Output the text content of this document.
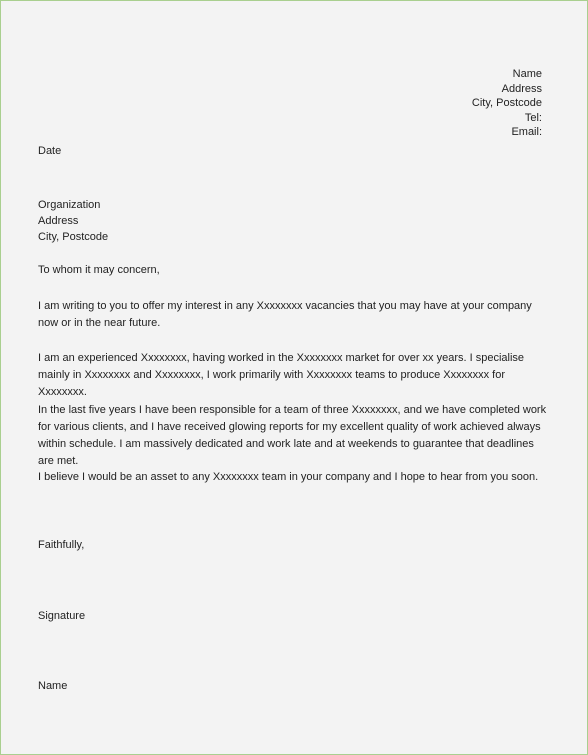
Name
Address
City, Postcode
Tel:
Email:
Date
Organization
Address
City, Postcode
To whom it may concern,
I am writing to you to offer my interest in any Xxxxxxxx vacancies that you may have at your company now or in the near future.
I am an experienced Xxxxxxxx, having worked in the Xxxxxxxx market for over xx years. I specialise mainly in Xxxxxxxx and Xxxxxxxx, I work primarily with Xxxxxxxx teams to produce Xxxxxxxx for Xxxxxxxx.
In the last five years I have been responsible for a team of three Xxxxxxxx, and we have completed work for various clients, and I have received glowing reports for my excellent quality of work achieved always within schedule. I am massively dedicated and work late and at weekends to guarantee that deadlines are met.
I believe I would be an asset to any Xxxxxxxx team in your company and I hope to hear from you soon.
Faithfully,
Signature
Name
